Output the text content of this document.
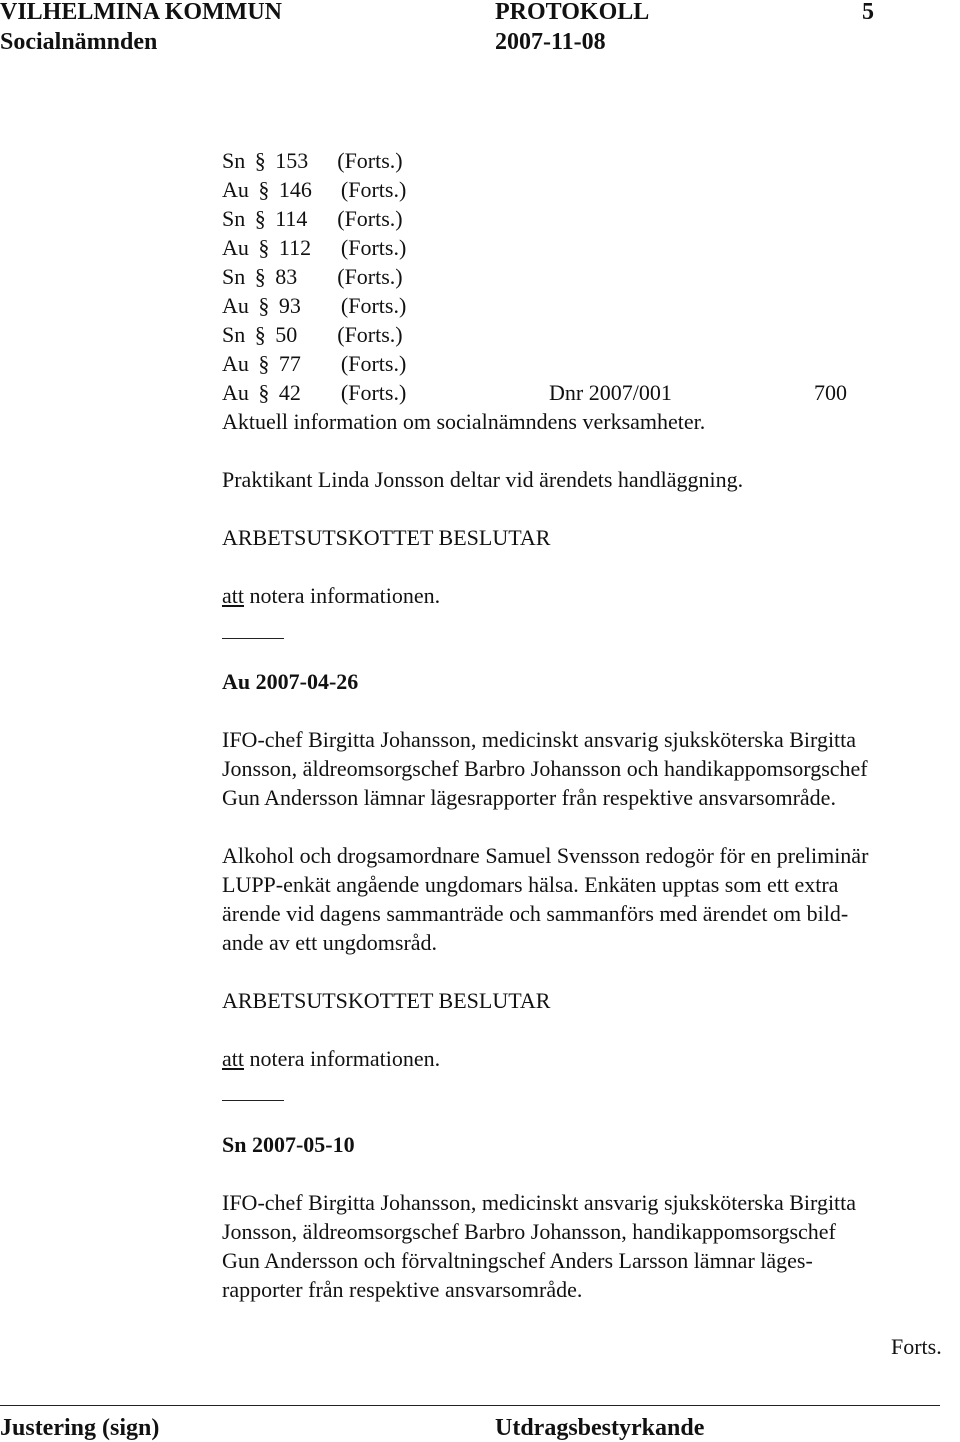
VILHELMINA KOMMUN	PROTOKOLL	5
Socialnämnden	2007-11-08
Sn § 153 (Forts.)
Au § 146 (Forts.)
Sn § 114 (Forts.)
Au § 112 (Forts.)
Sn § 83 (Forts.)
Au § 93 (Forts.)
Sn § 50 (Forts.)
Au § 77 (Forts.)
Au § 42 (Forts.)	Dnr 2007/001	700
Aktuell information om socialnämndens verksamheter.
Praktikant Linda Jonsson deltar vid ärendets handläggning.
ARBETSUTSKOTTET BESLUTAR
att notera informationen.
Au 2007-04-26
IFO-chef Birgitta Johansson, medicinskt ansvarig sjuksköterska Birgitta
Jonsson, äldreomsorgschef Barbro Johansson och handikappomsorgschef
Gun Andersson lämnar lägesrapporter från respektive ansvarsområde.
Alkohol och drogsamordnare Samuel Svensson redogör för en preliminär
LUPP-enkät angående ungdomars hälsa. Enkäten upptas som ett extra
ärende vid dagens sammanträde och sammanförs med ärendet om bild-
ande av ett ungdomsråd.
ARBETSUTSKOTTET BESLUTAR
att notera informationen.
Sn 2007-05-10
IFO-chef Birgitta Johansson, medicinskt ansvarig sjuksköterska Birgitta
Jonsson, äldreomsorgschef Barbro Johansson, handikappomsorgschef
Gun Andersson och förvaltningschef Anders Larsson lämnar läges-
rapporter från respektive ansvarsområde.
Forts.
Justering (sign)	Utdragsbestyrkande
